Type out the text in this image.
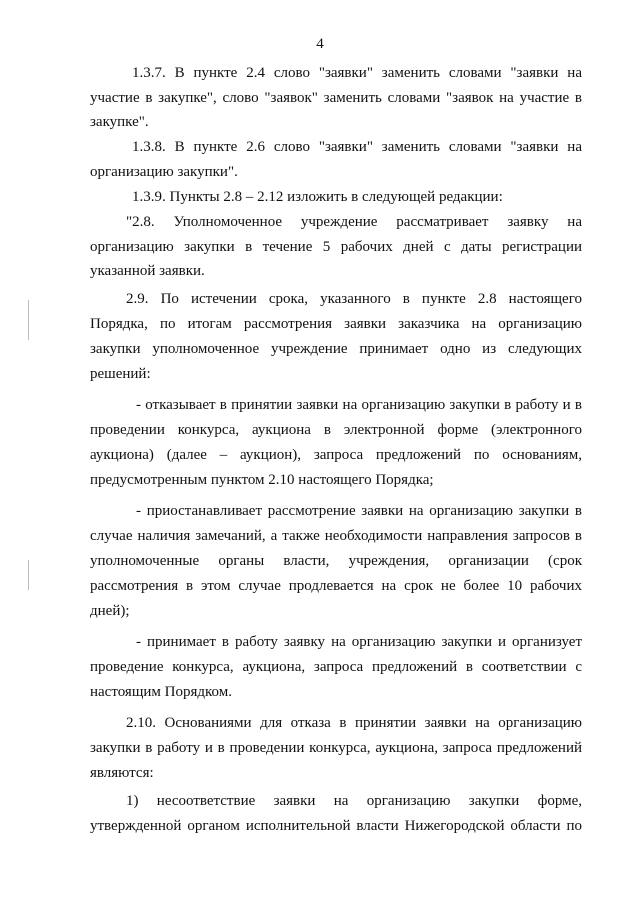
4
1.3.7. В пункте 2.4 слово "заявки" заменить словами "заявки на
участие в закупке", слово "заявок" заменить словами "заявок на участие в
закупке".
1.3.8. В пункте 2.6 слово "заявки" заменить словами "заявки на
организацию закупки".
1.3.9. Пункты 2.8 – 2.12 изложить в следующей редакции:
"2.8. Уполномоченное учреждение рассматривает заявку на
организацию закупки в течение 5 рабочих дней с даты регистрации
указанной заявки.
2.9. По истечении срока, указанного в пункте 2.8 настоящего
Порядка, по итогам рассмотрения заявки заказчика на организацию
закупки уполномоченное учреждение принимает одно из следующих
решений:
- отказывает в принятии заявки на организацию закупки в работу и в
проведении конкурса, аукциона в электронной форме (электронного
аукциона) (далее – аукцион), запроса предложений по основаниям,
предусмотренным пунктом 2.10 настоящего Порядка;
- приостанавливает рассмотрение заявки на организацию закупки в
случае наличия замечаний, а также необходимости направления запросов в
уполномоченные органы власти, учреждения, организации (срок
рассмотрения в этом случае продлевается на срок не более 10 рабочих
дней);
- принимает в работу заявку на организацию закупки и организует
проведение конкурса, аукциона, запроса предложений в соответствии с
настоящим Порядком.
2.10. Основаниями для отказа в принятии заявки на организацию
закупки в работу и в проведении конкурса, аукциона, запроса предложений
являются:
1) несоответствие заявки на организацию закупки форме,
утвержденной органом исполнительной власти Нижегородской области по
